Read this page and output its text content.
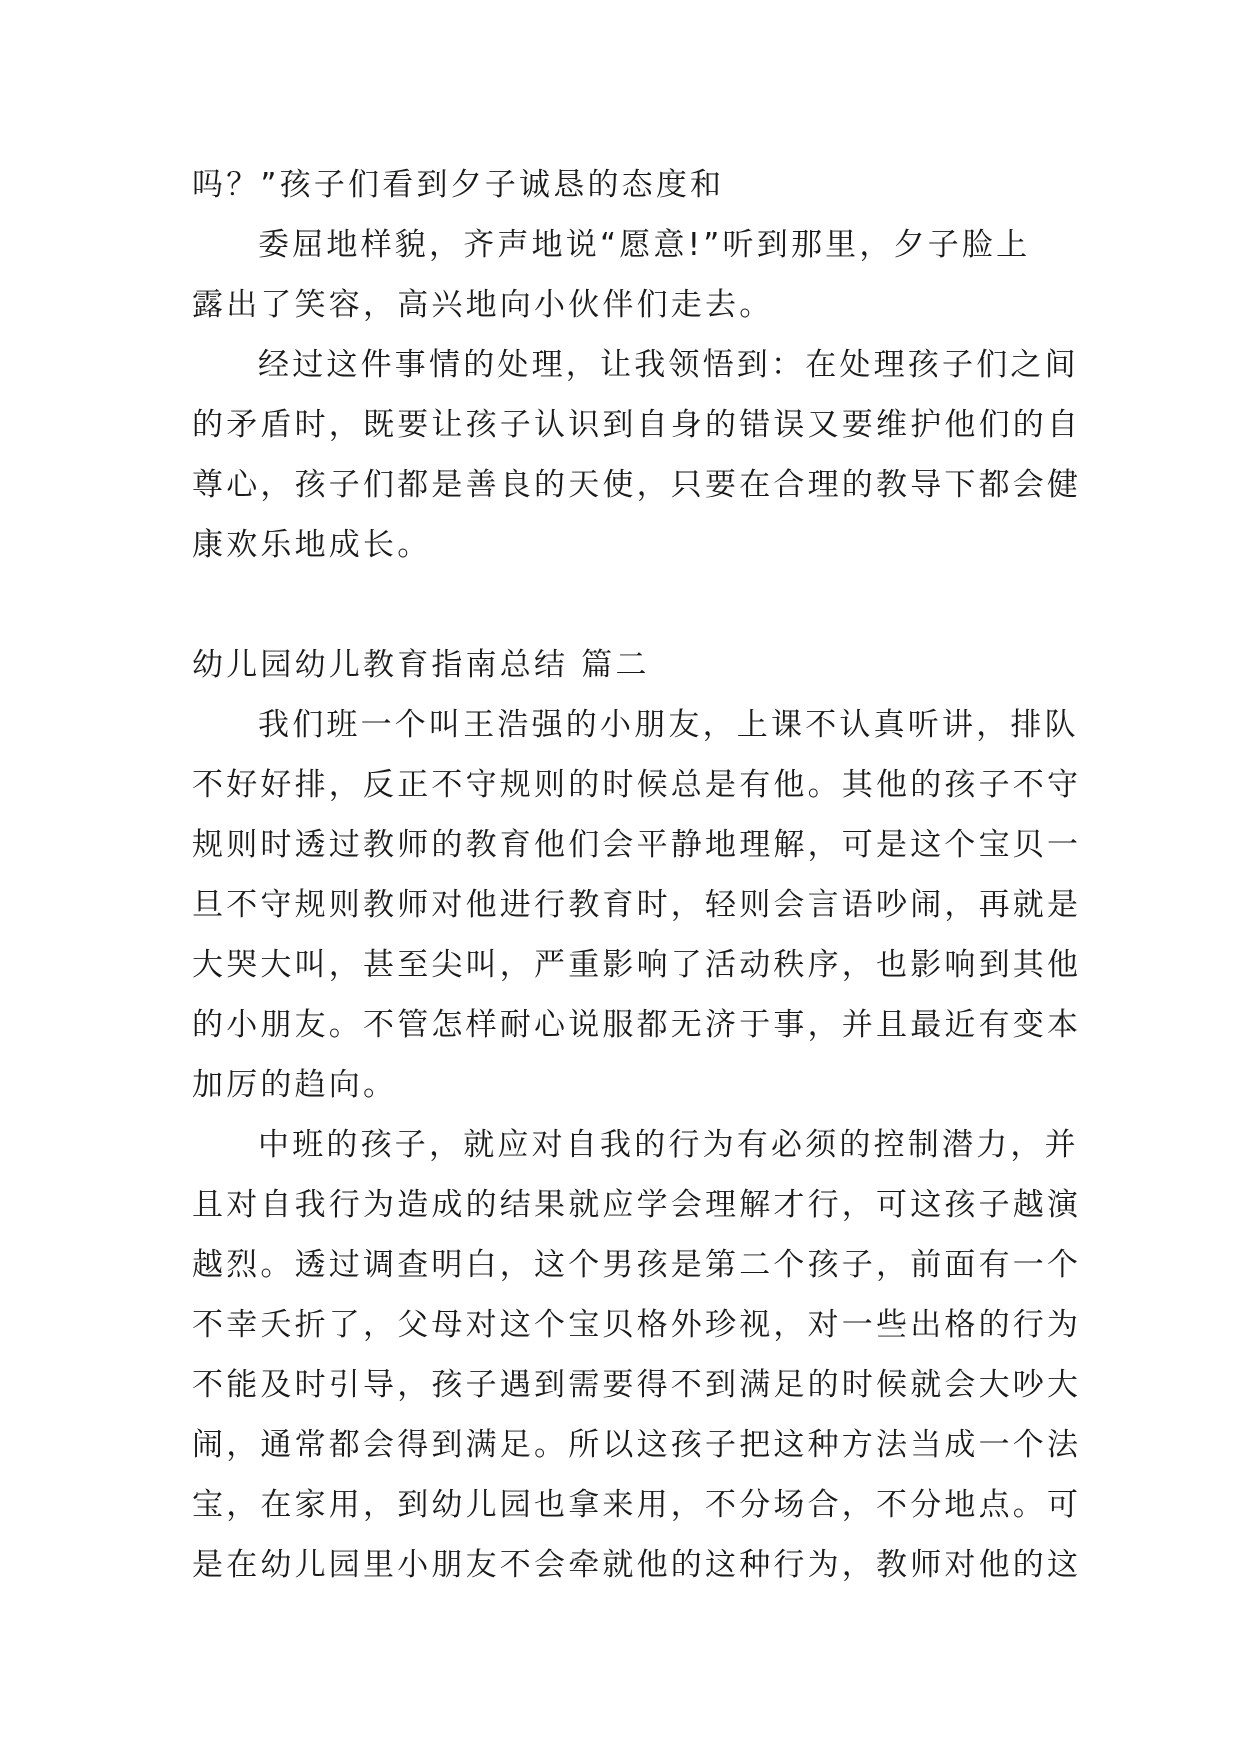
吗？”孩子们看到夕子诚恳的态度和
委屈地样貌，齐声地说“愿意!”听到那里，夕子脸上
露出了笑容，高兴地向小伙伴们走去。
经过这件事情的处理，让我领悟到：在处理孩子们之间
的矛盾时，既要让孩子认识到自身的错误又要维护他们的自
尊心，孩子们都是善良的天使，只要在合理的教导下都会健
康欢乐地成长。
幼儿园幼儿教育指南总结 篇二
我们班一个叫王浩强的小朋友，上课不认真听讲，排队
不好好排，反正不守规则的时候总是有他。其他的孩子不守
规则时透过教师的教育他们会平静地理解，可是这个宝贝一
旦不守规则教师对他进行教育时，轻则会言语吵闹，再就是
大哭大叫，甚至尖叫，严重影响了活动秩序，也影响到其他
的小朋友。不管怎样耐心说服都无济于事，并且最近有变本
加厉的趋向。
中班的孩子，就应对自我的行为有必须的控制潜力，并
且对自我行为造成的结果就应学会理解才行，可这孩子越演
越烈。透过调查明白，这个男孩是第二个孩子，前面有一个
不幸夭折了，父母对这个宝贝格外珍视，对一些出格的行为
不能及时引导，孩子遇到需要得不到满足的时候就会大吵大
闹，通常都会得到满足。所以这孩子把这种方法当成一个法
宝，在家用，到幼儿园也拿来用，不分场合，不分地点。可
是在幼儿园里小朋友不会牵就他的这种行为，教师对他的这
